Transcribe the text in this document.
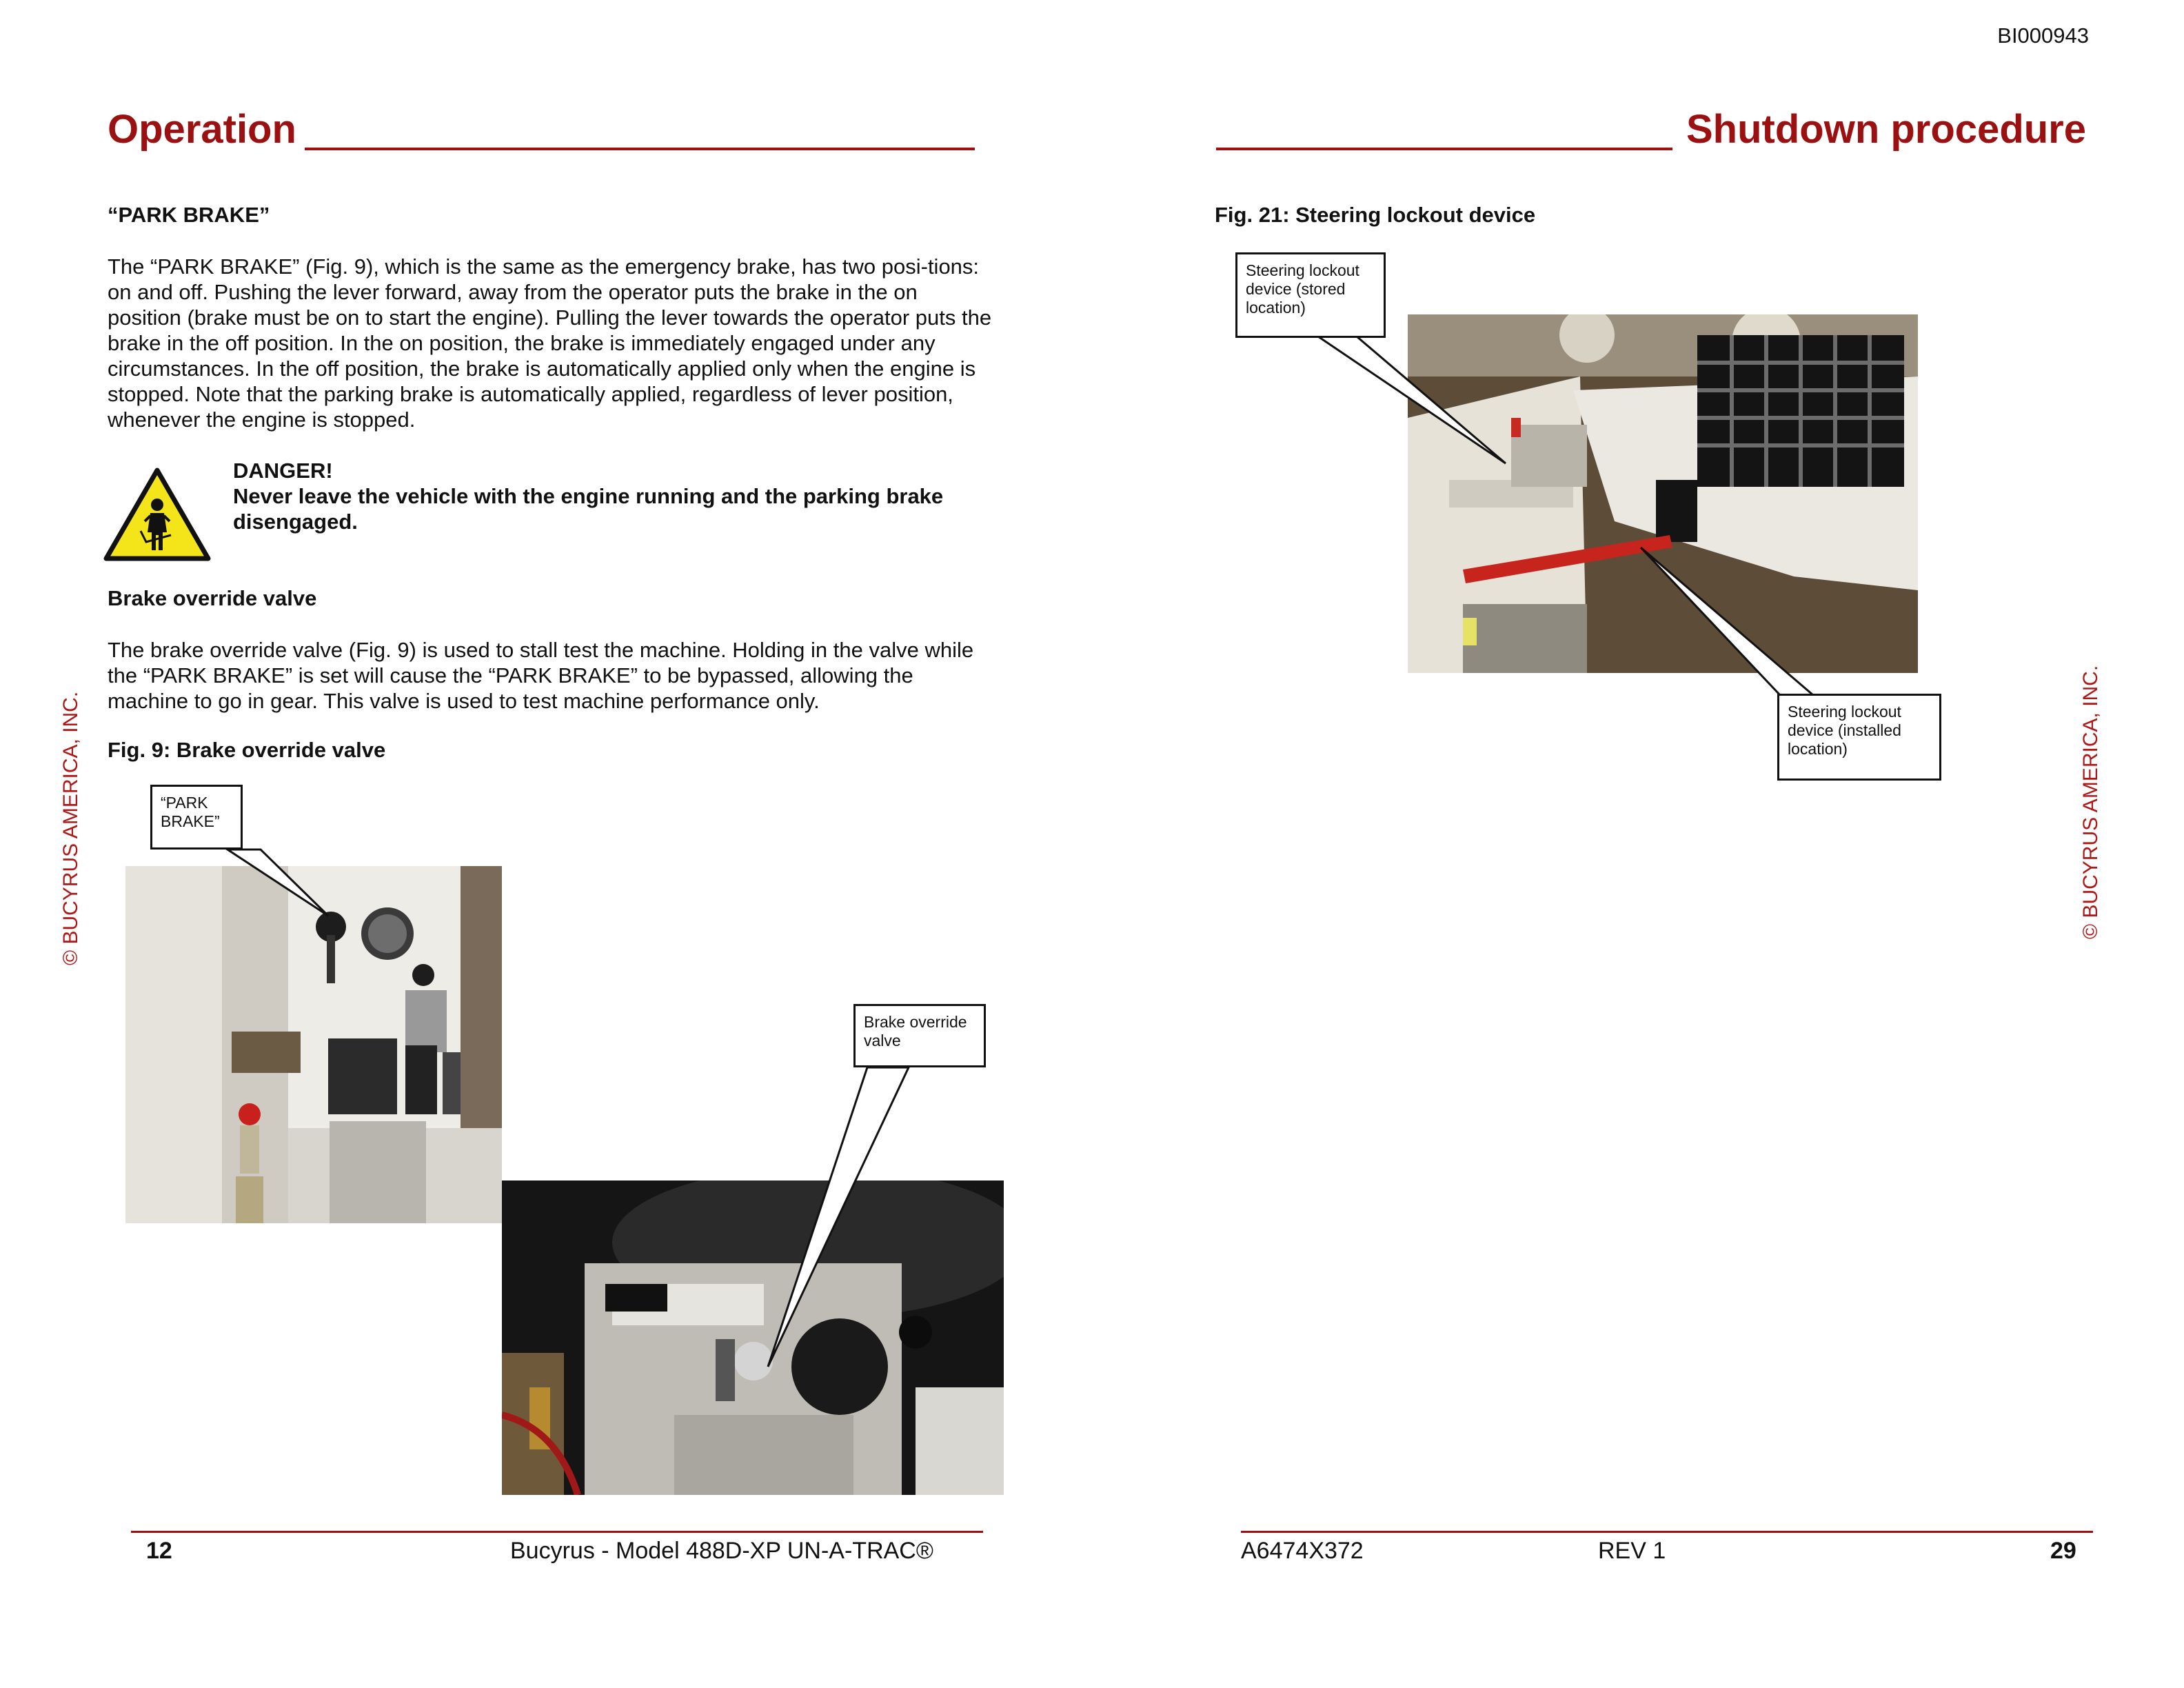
BI000943
© BUCYRUS AMERICA, INC.	© BUCYRUS AMERICA, INC.
Operation
“PARK BRAKE”
The “PARK BRAKE” (Fig. 9), which is the same as the emergency brake, has two posi-tions: on and off. Pushing the lever forward, away from the operator puts the brake in the on position (brake must be on to start the engine). Pulling the lever towards the operator puts the brake in the off position. In the on position, the brake is immediately engaged under any circumstances. In the off position, the brake is automatically applied only when the engine is stopped. Note that the parking brake is automatically applied, regardless of lever position, whenever the engine is stopped.
DANGER!
Never leave the vehicle with the engine running and the parking brake disengaged.
Brake override valve
The brake override valve (Fig. 9) is used to stall test the machine. Holding in the valve while the “PARK BRAKE” is set will cause the “PARK BRAKE” to be bypassed, allowing the machine to go in gear. This valve is used to test machine performance only.
Fig. 9: Brake override valve
“PARK BRAKE”
Brake override valve
12	Bucyrus - Model 488D-XP UN-A-TRAC®
Shutdown procedure
Fig. 21: Steering lockout device
Steering lockout device (stored location)
Steering lockout device (installed location)
A6474X372	REV 1	29
